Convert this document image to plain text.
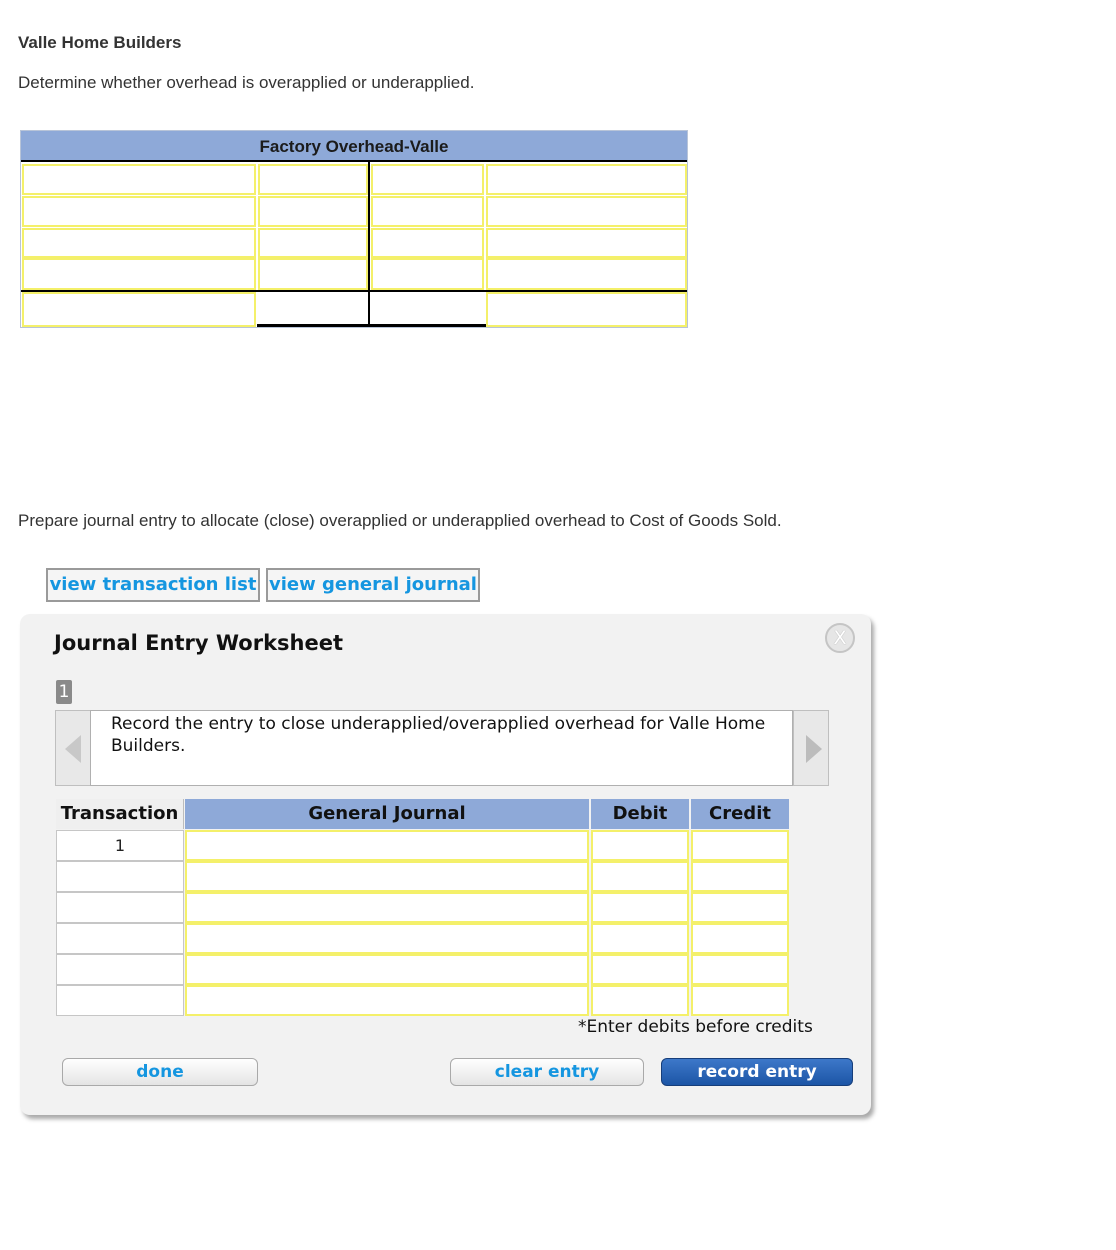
Valle Home Builders
Determine whether overhead is overapplied or underapplied.
Factory Overhead-Valle
Prepare journal entry to allocate (close) overapplied or underapplied overhead to Cost of Goods Sold.
view transaction list view general journal
Journal Entry Worksheet	X
1
Record the entry to close underapplied/overapplied overhead for Valle Home Builders.
Transaction	General Journal	Debit	Credit
1
*Enter debits before credits
done	clear entry	record entry
